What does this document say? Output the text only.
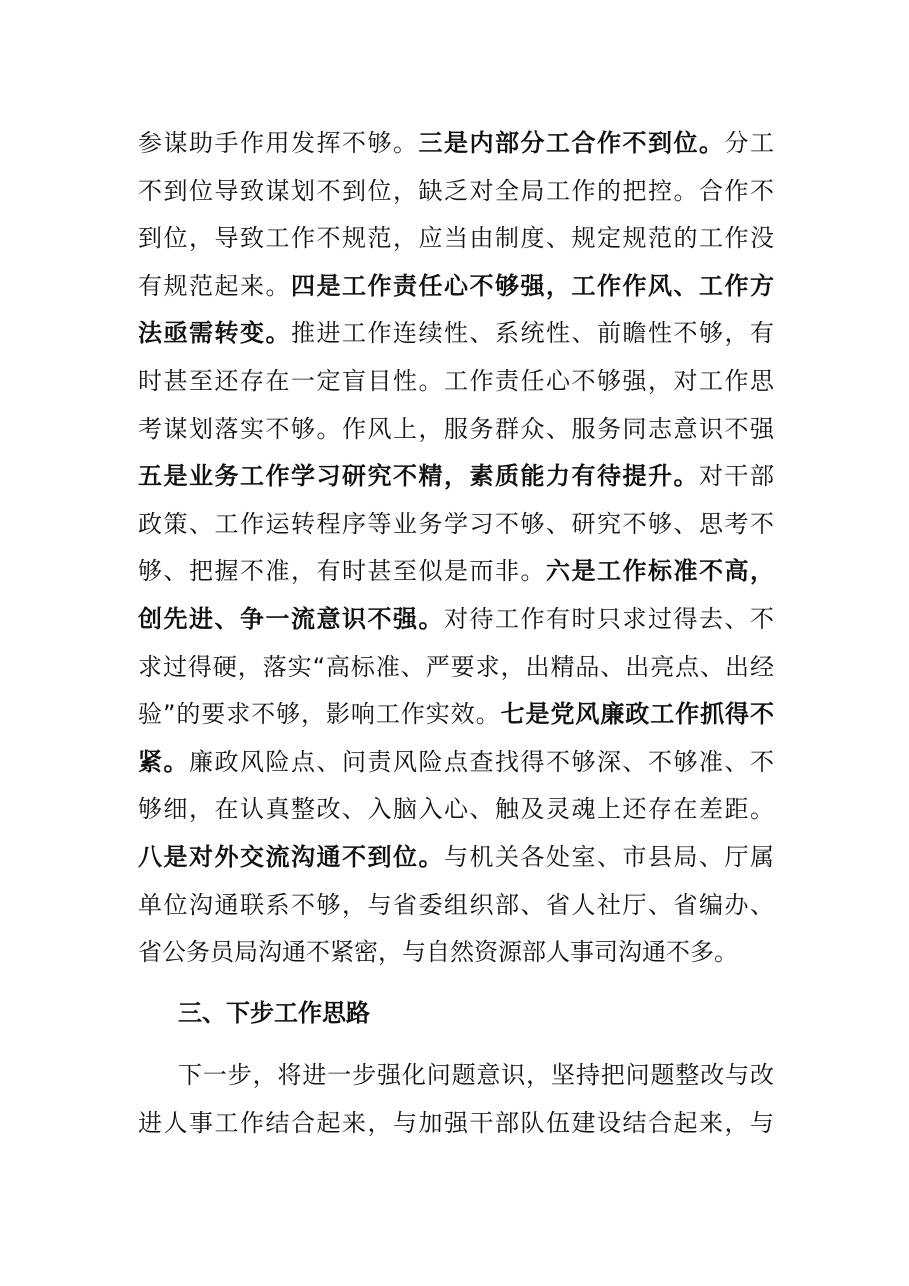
参谋助手作用发挥不够。三是内部分工合作不到位。分工
不到位导致谋划不到位，缺乏对全局工作的把控。合作不
到位，导致工作不规范，应当由制度、规定规范的工作没
有规范起来。四是工作责任心不够强，工作作风、工作方
法亟需转变。推进工作连续性、系统性、前瞻性不够，有
时甚至还存在一定盲目性。工作责任心不够强，对工作思
考谋划落实不够。作风上，服务群众、服务同志意识不强
五是业务工作学习研究不精，素质能力有待提升。对干部
政策、工作运转程序等业务学习不够、研究不够、思考不
够、把握不准，有时甚至似是而非。六是工作标准不高，
创先进、争一流意识不强。对待工作有时只求过得去、不
求过得硬，落实“高标准、严要求，出精品、出亮点、出经
验”的要求不够，影响工作实效。七是党风廉政工作抓得不
紧。廉政风险点、问责风险点查找得不够深、不够准、不
够细，在认真整改、入脑入心、触及灵魂上还存在差距。
八是对外交流沟通不到位。与机关各处室、市县局、厅属
单位沟通联系不够，与省委组织部、省人社厅、省编办、
省公务员局沟通不紧密，与自然资源部人事司沟通不多。
三、下步工作思路
下一步，将进一步强化问题意识，坚持把问题整改与改
进人事工作结合起来，与加强干部队伍建设结合起来，与
